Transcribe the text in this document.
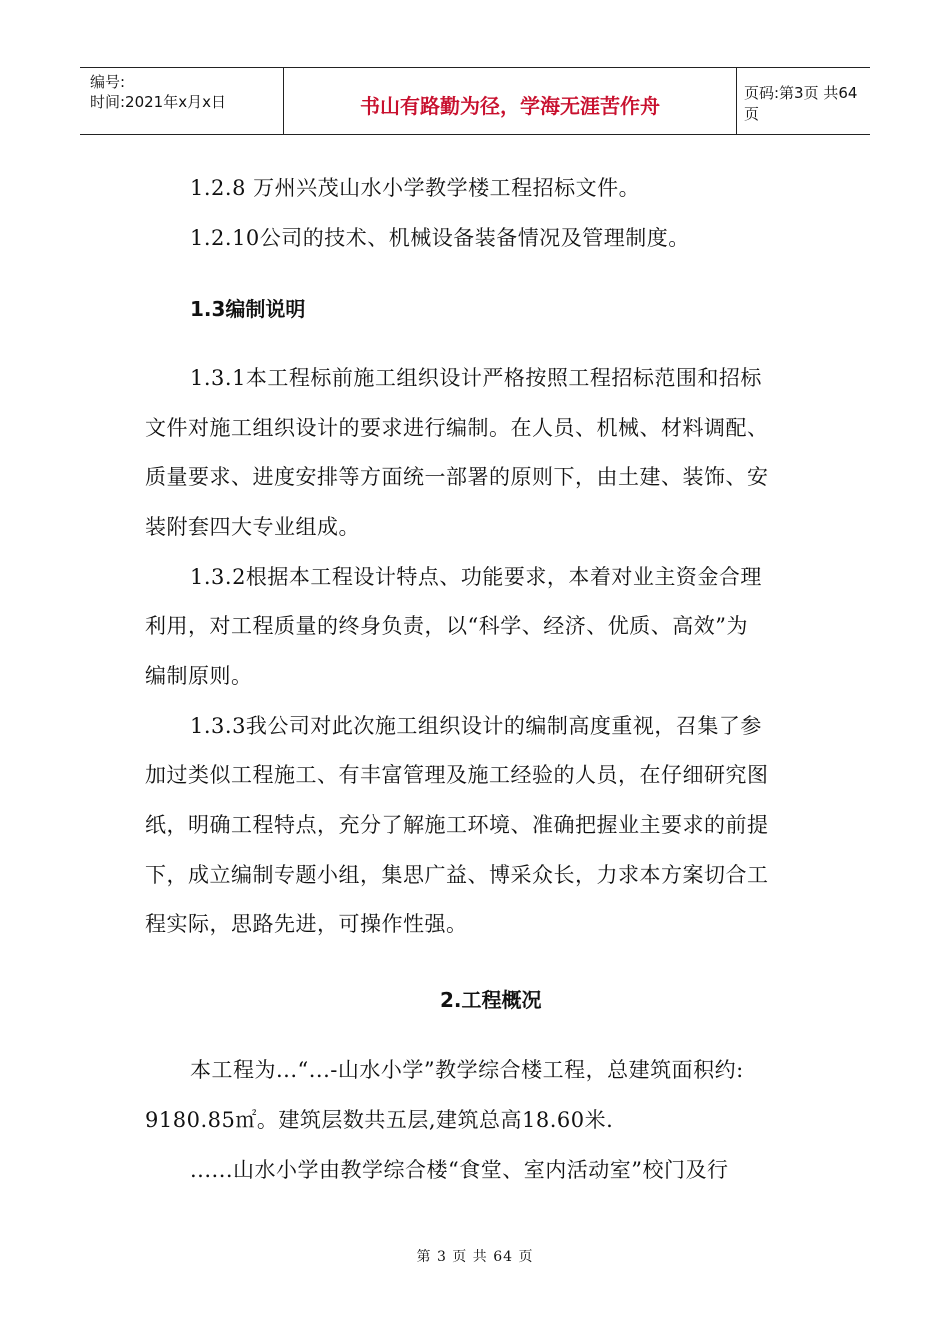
编号:
时间:2021年x月x日	书山有路勤为径，学海无涯苦作舟
页码:第3页 共64页
1.2.8 万州兴茂山水小学教学楼工程招标文件。
1.2.10公司的技术、机械设备装备情况及管理制度。
1.3编制说明
1.3.1本工程标前施工组织设计严格按照工程招标范围和招标
文件对施工组织设计的要求进行编制。在人员、机械、材料调配、
质量要求、进度安排等方面统一部署的原则下，由土建、装饰、安
装附套四大专业组成。
1.3.2根据本工程设计特点、功能要求，本着对业主资金合理
利用，对工程质量的终身负责，以“科学、经济、优质、高效”为
编制原则。
1.3.3我公司对此次施工组织设计的编制高度重视，召集了参
加过类似工程施工、有丰富管理及施工经验的人员，在仔细研究图
纸，明确工程特点，充分了解施工环境、准确把握业主要求的前提
下，成立编制专题小组，集思广益、博采众长，力求本方案切合工
程实际，思路先进，可操作性强。
2.工程概况
本工程为...“...-山水小学”教学综合楼工程，总建筑面积约:
9180.85㎡。建筑层数共五层,建筑总高18.60米.
......山水小学由教学综合楼“食堂、室内活动室”校门及行
第 3 页 共 64 页
